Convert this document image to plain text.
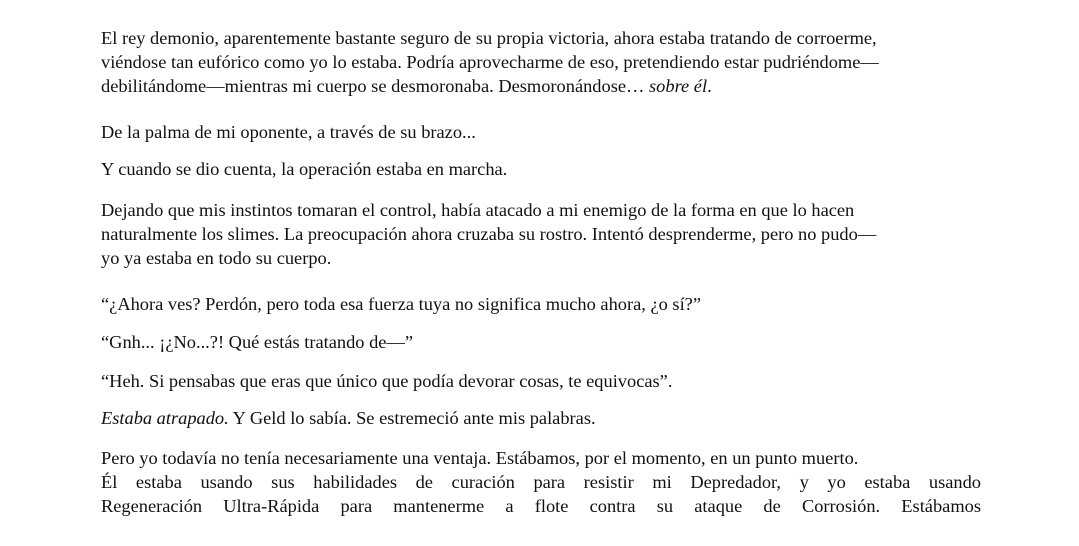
El rey demonio, aparentemente bastante seguro de su propia victoria, ahora estaba tratando de corroerme,
viéndose tan eufórico como yo lo estaba. Podría aprovecharme de eso, pretendiendo estar pudriéndome—
debilitándome—mientras mi cuerpo se desmoronaba. Desmoronándose… sobre él.

De la palma de mi oponente, a través de su brazo...

Y cuando se dio cuenta, la operación estaba en marcha.

Dejando que mis instintos tomaran el control, había atacado a mi enemigo de la forma en que lo hacen
naturalmente los slimes. La preocupación ahora cruzaba su rostro. Intentó desprenderme, pero no pudo—
yo ya estaba en todo su cuerpo.

“¿Ahora ves? Perdón, pero toda esa fuerza tuya no significa mucho ahora, ¿o sí?”

“Gnh... ¡¿No...?! Qué estás tratando de—”

“Heh. Si pensabas que eras que único que podía devorar cosas, te equivocas”.

Estaba atrapado. Y Geld lo sabía. Se estremeció ante mis palabras.

Pero yo todavía no tenía necesariamente una ventaja. Estábamos, por el momento, en un punto muerto.
Él estaba usando sus habilidades de curación para resistir mi Depredador, y yo estaba usando
Regeneración Ultra-Rápida para mantenerme a flote contra su ataque de Corrosión. Estábamos
